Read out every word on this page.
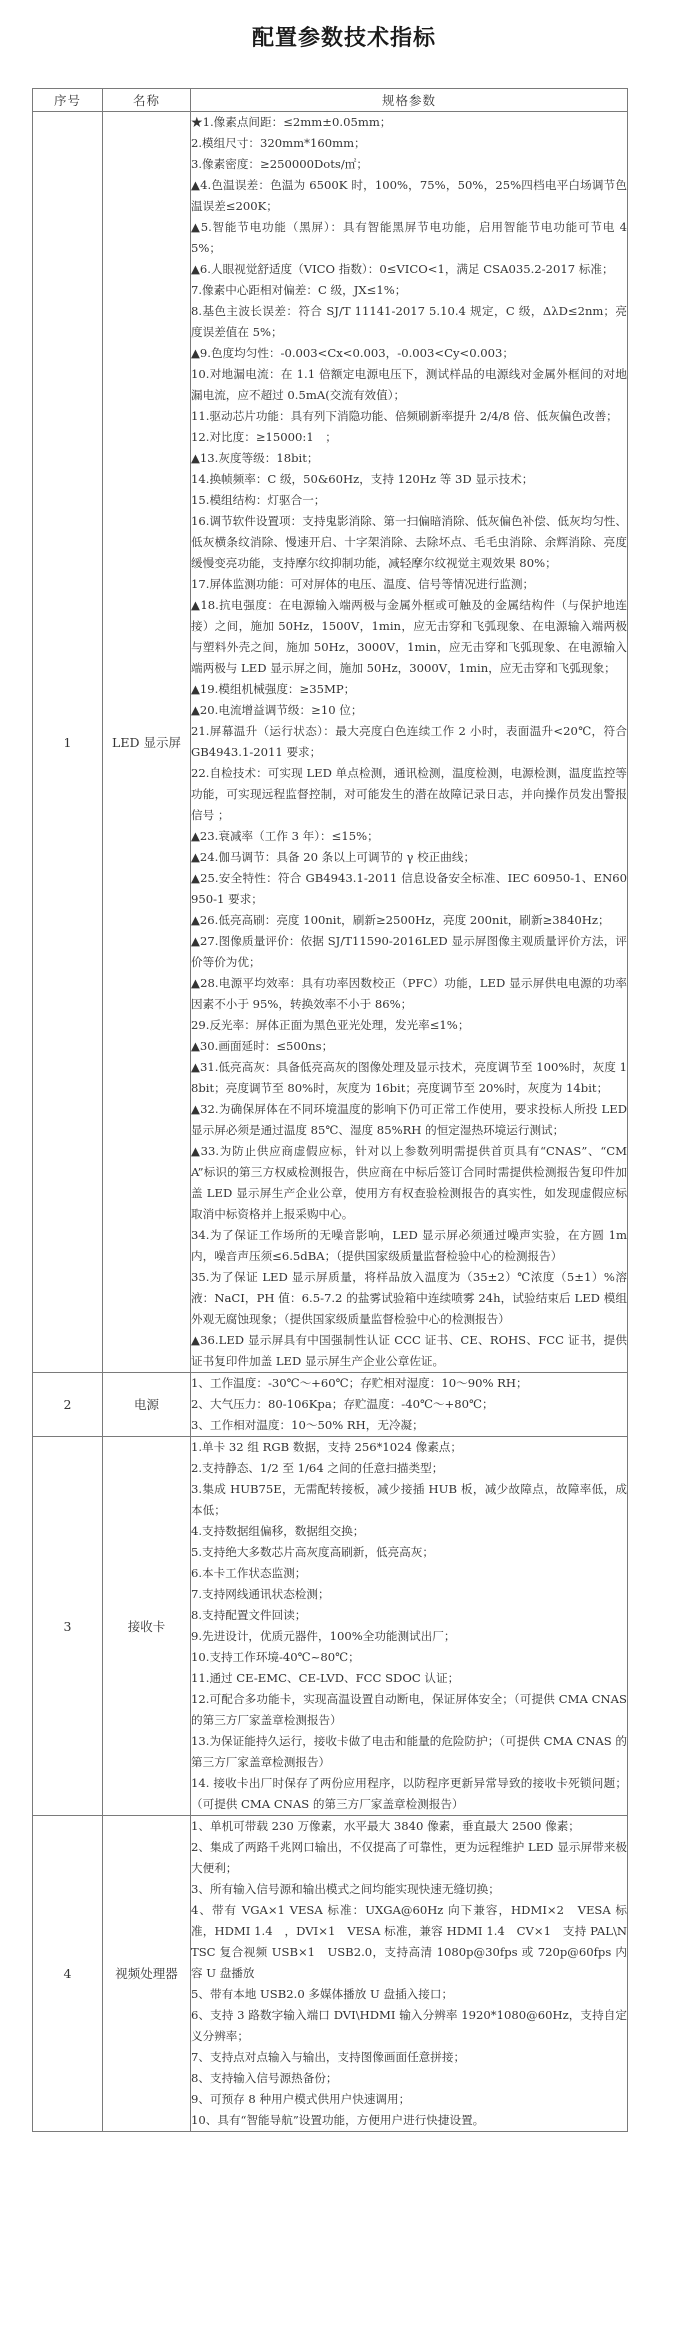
配置参数技术指标
序号	名称	规格参数
1	LED 显示屏	
★1.像素点间距：≤2mm±0.05mm；
2.模组尺寸：320mm*160mm；
3.像素密度：≥250000Dots/㎡；
▲4.色温误差：色温为 6500K 时，100%，75%，50%，25%四档电平白场调节色温误差≤200K；
▲5.智能节电功能（黑屏）：具有智能黑屏节电功能，启用智能节电功能可节电 45%；
▲6.人眼视觉舒适度（VICO 指数）：0≤VICO<1，满足 CSA035.2-2017 标准；
7.像素中心距相对偏差：C 级，JX≤1%；
8.基色主波长误差：符合 SJ/T 11141-2017 5.10.4 规定，C 级，ΔλD≤2nm；亮度误差值在 5%；
▲9.色度均匀性：-0.003<Cx<0.003，-0.003<Cy<0.003；
10.对地漏电流：在 1.1 倍额定电源电压下，测试样品的电源线对金属外框间的对地漏电流，应不超过 0.5mA(交流有效值）；
11.驱动芯片功能：具有列下消隐功能、倍频刷新率提升 2/4/8 倍、低灰偏色改善；
12.对比度：≥15000:1　；
▲13.灰度等级：18bit；
14.换帧频率：C 级，50&60Hz，支持 120Hz 等 3D 显示技术；
15.模组结构：灯驱合一；
16.调节软件设置项：支持鬼影消除、第一扫偏暗消除、低灰偏色补偿、低灰均匀性、低灰横条纹消除、慢速开启、十字架消除、去除坏点、毛毛虫消除、余辉消除、亮度缓慢变亮功能，支持摩尔纹抑制功能，减轻摩尔纹视觉主观效果 80%；
17.屏体监测功能：可对屏体的电压、温度、信号等情况进行监测；
▲18.抗电强度：在电源输入端两极与金属外框或可触及的金属结构件（与保护地连接）之间，施加 50Hz，1500V，1min，应无击穿和飞弧现象、在电源输入端两极与塑料外壳之间，施加 50Hz，3000V，1min，应无击穿和飞弧现象、在电源输入端两极与 LED 显示屏之间，施加 50Hz，3000V，1min，应无击穿和飞弧现象；
▲19.模组机械强度：≥35MP；
▲20.电流增益调节级：≥10 位；
21.屏幕温升（运行状态）：最大亮度白色连续工作 2 小时，表面温升<20℃，符合 GB4943.1-2011 要求；
22.自检技术：可实现 LED 单点检测，通讯检测，温度检测，电源检测，温度监控等功能，可实现远程监督控制，对可能发生的潜在故障记录日志，并向操作员发出警报信号 ；
▲23.衰减率（工作 3 年）：≤15%；
▲24.伽马调节：具备 20 条以上可调节的 γ 校正曲线；
▲25.安全特性：符合 GB4943.1-2011 信息设备安全标准、IEC 60950-1、EN60950-1 要求；
▲26.低亮高刷：亮度 100nit，刷新≥2500Hz，亮度 200nit，刷新≥3840Hz；
▲27.图像质量评价：依据 SJ/T11590-2016LED 显示屏图像主观质量评价方法，评价等价为优；
▲28.电源平均效率：具有功率因数校正（PFC）功能，LED 显示屏供电电源的功率因素不小于 95%，转换效率不小于 86%；
29.反光率：屏体正面为黑色亚光处理，发光率≤1%；
▲30.画面延时：≤500ns；
▲31.低亮高灰：具备低亮高灰的图像处理及显示技术，亮度调节至 100%时，灰度 18bit；亮度调节至 80%时，灰度为 16bit；亮度调节至 20%时，灰度为 14bit；
▲32.为确保屏体在不同环境温度的影响下仍可正常工作使用，要求投标人所投 LED 显示屏必须是通过温度 85℃、湿度 85%RH 的恒定湿热环境运行测试；
▲33.为防止供应商虚假应标，针对以上参数列明需提供首页具有“CNAS”、“CMA”标识的第三方权威检测报告，供应商在中标后签订合同时需提供检测报告复印件加盖 LED 显示屏生产企业公章，使用方有权查验检测报告的真实性，如发现虚假应标取消中标资格并上报采购中心。
34.为了保证工作场所的无噪音影响，LED 显示屏必须通过噪声实验，在方圆 1m 内，噪音声压须≤6.5dBA；（提供国家级质量监督检验中心的检测报告）
35.为了保证 LED 显示屏质量，将样品放入温度为（35±2）℃浓度（5±1）%溶液：NaCI，PH 值：6.5-7.2 的盐雾试验箱中连续喷雾 24h，试验结束后 LED 模组外观无腐蚀现象；（提供国家级质量监督检验中心的检测报告）
▲36.LED 显示屏具有中国强制性认证 CCC 证书、CE、ROHS、FCC 证书，提供证书复印件加盖 LED 显示屏生产企业公章佐证。

2	电源	1、工作温度：-30℃～+60℃；存贮相对湿度：10～90% RH；
2、大气压力：80-106Kpa；存贮温度：-40℃～+80℃；
3、工作相对温度：10～50% RH，无冷凝；

3	接收卡	
1.单卡 32 组 RGB 数据，支持 256*1024 像素点；
2.支持静态、1/2 至 1/64 之间的任意扫描类型；
3.集成 HUB75E，无需配转接板，减少接插 HUB 板，减少故障点，故障率低，成本低；
4.支持数据组偏移，数据组交换；
5.支持绝大多数芯片高灰度高刷新，低亮高灰；
6.本卡工作状态监测；
7.支持网线通讯状态检测；
8.支持配置文件回读；
9.先进设计，优质元器件，100%全功能测试出厂；
10.支持工作环境-40℃~80℃；
11.通过 CE-EMC、CE-LVD、FCC SDOC 认证；
12.可配合多功能卡，实现高温设置自动断电，保证屏体安全；（可提供 CMA CNAS 的第三方厂家盖章检测报告）
13.为保证能持久运行，接收卡做了电击和能量的危险防护；（可提供 CMA CNAS 的第三方厂家盖章检测报告）
14. 接收卡出厂时保存了两份应用程序，以防程序更新异常导致的接收卡死锁问题；（可提供 CMA CNAS 的第三方厂家盖章检测报告）

4	视频处理器	
1、单机可带载 230 万像素，水平最大 3840 像素，垂直最大 2500 像素；
2、集成了两路千兆网口输出，不仅提高了可靠性，更为远程维护 LED 显示屏带来极大便利；
3、所有输入信号源和输出模式之间均能实现快速无缝切换；
4、带有 VGA×1 VESA 标准：UXGA@60Hz 向下兼容，HDMI×2　VESA 标准，HDMI 1.4　，DVI×1　VESA 标准，兼容 HDMI 1.4　CV×1　支持 PAL\NTSC 复合视频 USB×1　USB2.0，支持高清 1080p@30fps 或 720p@60fps 内容 U 盘播放
5、带有本地 USB2.0 多媒体播放 U 盘插入接口；
6、支持 3 路数字输入端口 DVI\HDMI 输入分辨率 1920*1080@60Hz，支持自定义分辨率；
7、支持点对点输入与输出，支持图像画面任意拼接；
8、支持输入信号源热备份；
9、可预存 8 种用户模式供用户快速调用；
10、具有“智能导航”设置功能，方便用户进行快捷设置。
